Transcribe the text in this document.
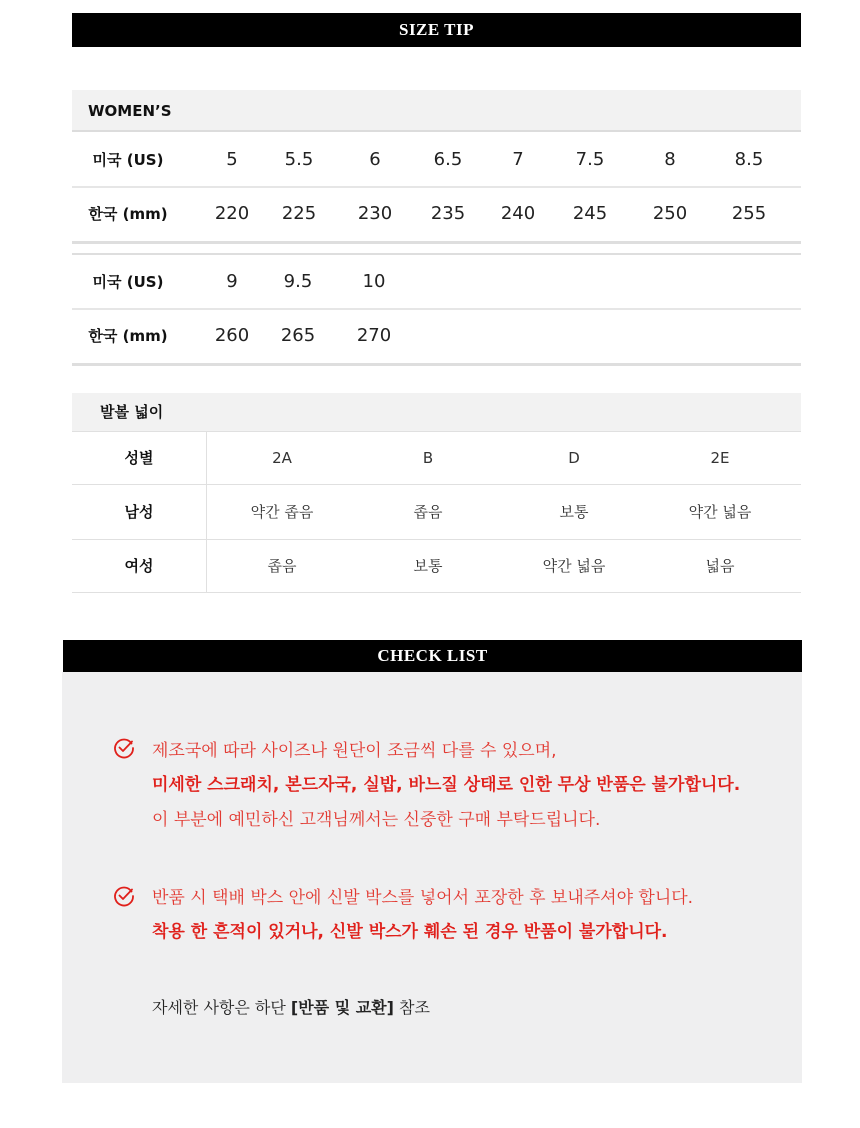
SIZE TIP
WOMEN’S
미국 (US)	5	5.5	6	6.5	7	7.5	8	8.5
한국 (mm)	220	225	230	235	240	245	250	255
미국 (US)	9	9.5	10
한국 (mm)	260	265	270
발볼 넓이
성별	2A	B	D	2E
남성	약간 좁음	좁음	보통	약간 넓음
여성	좁음	보통	약간 넓음	넓음
CHECK LIST
제조국에 따라 사이즈나 원단이 조금씩 다를 수 있으며,
미세한 스크래치, 본드자국, 실밥, 바느질 상태로 인한 무상 반품은 불가합니다.
이 부분에 예민하신 고객님께서는 신중한 구매 부탁드립니다.
반품 시 택배 박스 안에 신발 박스를 넣어서 포장한 후 보내주셔야 합니다.
착용 한 흔적이 있거나, 신발 박스가 훼손 된 경우 반품이 불가합니다.
자세한 사항은 하단 [반품 및 교환] 참조
